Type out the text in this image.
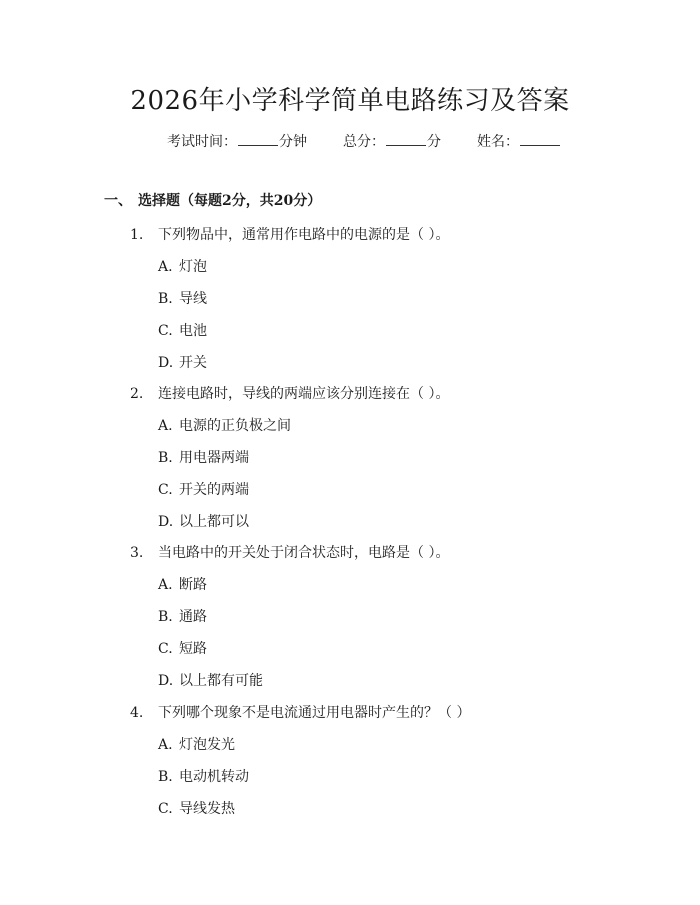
2026年小学科学简单电路练习及答案
考试时间：	分钟	总分：	分	姓名：
一、 选择题（每题2分，共20分）
1. 下列物品中，通常用作电路中的电源的是（ ）。
A. 灯泡
B. 导线
C. 电池
D. 开关
2. 连接电路时，导线的两端应该分别连接在（ ）。
A. 电源的正负极之间
B. 用电器两端
C. 开关的两端
D. 以上都可以
3. 当电路中的开关处于闭合状态时，电路是（ ）。
A. 断路
B. 通路
C. 短路
D. 以上都有可能
4. 下列哪个现象不是电流通过用电器时产生的？（ ）
A. 灯泡发光
B. 电动机转动
C. 导线发热
